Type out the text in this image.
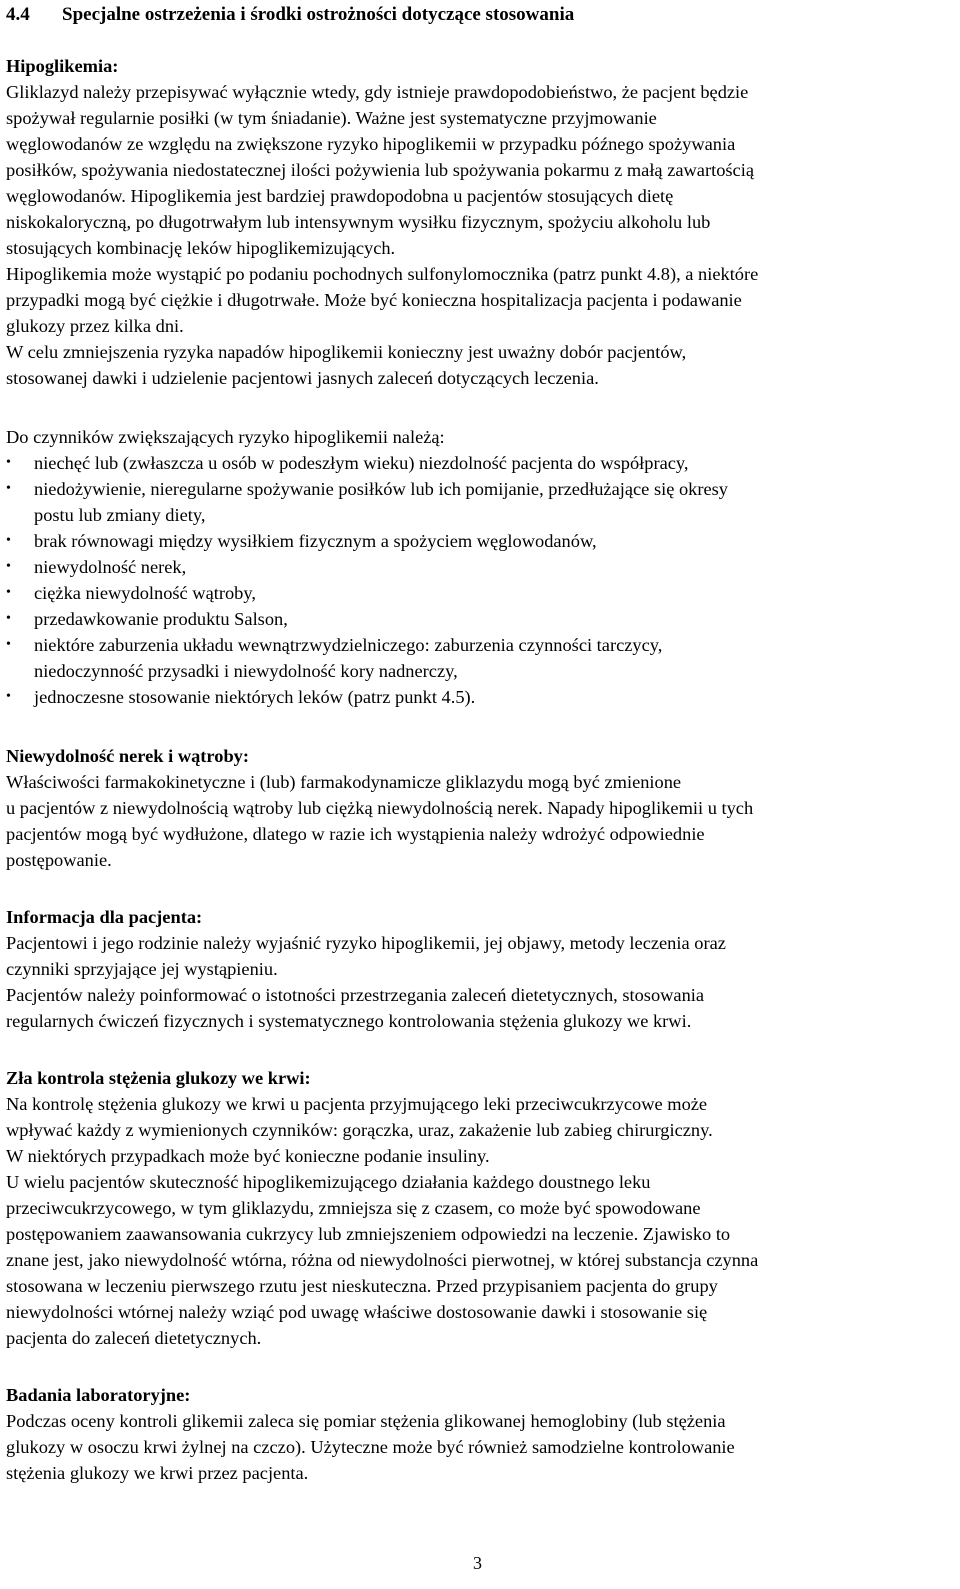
4.4 Specjalne ostrzeżenia i środki ostrożności dotyczące stosowania
Hipoglikemia:
Gliklazyd należy przepisywać wyłącznie wtedy, gdy istnieje prawdopodobieństwo, że pacjent będzie
spożywał regularnie posiłki (w tym śniadanie). Ważne jest systematyczne przyjmowanie
węglowodanów ze względu na zwiększone ryzyko hipoglikemii w przypadku późnego spożywania
posiłków, spożywania niedostatecznej ilości pożywienia lub spożywania pokarmu z małą zawartością
węglowodanów. Hipoglikemia jest bardziej prawdopodobna u pacjentów stosujących dietę
niskokaloryczną, po długotrwałym lub intensywnym wysiłku fizycznym, spożyciu alkoholu lub
stosujących kombinację leków hipoglikemizujących.
Hipoglikemia może wystąpić po podaniu pochodnych sulfonylomocznika (patrz punkt 4.8), a niektóre
przypadki mogą być ciężkie i długotrwałe. Może być konieczna hospitalizacja pacjenta i podawanie
glukozy przez kilka dni.
W celu zmniejszenia ryzyka napadów hipoglikemii konieczny jest uważny dobór pacjentów,
stosowanej dawki i udzielenie pacjentowi jasnych zaleceń dotyczących leczenia.
Do czynników zwiększających ryzyko hipoglikemii należą:
• niechęć lub (zwłaszcza u osób w podeszłym wieku) niezdolność pacjenta do współpracy,
• niedożywienie, nieregularne spożywanie posiłków lub ich pomijanie, przedłużające się okresy
postu lub zmiany diety,
• brak równowagi między wysiłkiem fizycznym a spożyciem węglowodanów,
• niewydolność nerek,
• ciężka niewydolność wątroby,
• przedawkowanie produktu Salson,
• niektóre zaburzenia układu wewnątrzwydzielniczego: zaburzenia czynności tarczycy,
niedoczynność przysadki i niewydolność kory nadnerczy,
• jednoczesne stosowanie niektórych leków (patrz punkt 4.5).
Niewydolność nerek i wątroby:
Właściwości farmakokinetyczne i (lub) farmakodynamicze gliklazydu mogą być zmienione
u pacjentów z niewydolnością wątroby lub ciężką niewydolnością nerek. Napady hipoglikemii u tych
pacjentów mogą być wydłużone, dlatego w razie ich wystąpienia należy wdrożyć odpowiednie
postępowanie.
Informacja dla pacjenta:
Pacjentowi i jego rodzinie należy wyjaśnić ryzyko hipoglikemii, jej objawy, metody leczenia oraz
czynniki sprzyjające jej wystąpieniu.
Pacjentów należy poinformować o istotności przestrzegania zaleceń dietetycznych, stosowania
regularnych ćwiczeń fizycznych i systematycznego kontrolowania stężenia glukozy we krwi.
Zła kontrola stężenia glukozy we krwi:
Na kontrolę stężenia glukozy we krwi u pacjenta przyjmującego leki przeciwcukrzycowe może
wpływać każdy z wymienionych czynników: gorączka, uraz, zakażenie lub zabieg chirurgiczny.
W niektórych przypadkach może być konieczne podanie insuliny.
U wielu pacjentów skuteczność hipoglikemizującego działania każdego doustnego leku
przeciwcukrzycowego, w tym gliklazydu, zmniejsza się z czasem, co może być spowodowane
postępowaniem zaawansowania cukrzycy lub zmniejszeniem odpowiedzi na leczenie. Zjawisko to
znane jest, jako niewydolność wtórna, różna od niewydolności pierwotnej, w której substancja czynna
stosowana w leczeniu pierwszego rzutu jest nieskuteczna. Przed przypisaniem pacjenta do grupy
niewydolności wtórnej należy wziąć pod uwagę właściwe dostosowanie dawki i stosowanie się
pacjenta do zaleceń dietetycznych.
Badania laboratoryjne:
Podczas oceny kontroli glikemii zaleca się pomiar stężenia glikowanej hemoglobiny (lub stężenia
glukozy w osoczu krwi żylnej na czczo). Użyteczne może być również samodzielne kontrolowanie
stężenia glukozy we krwi przez pacjenta.
3
